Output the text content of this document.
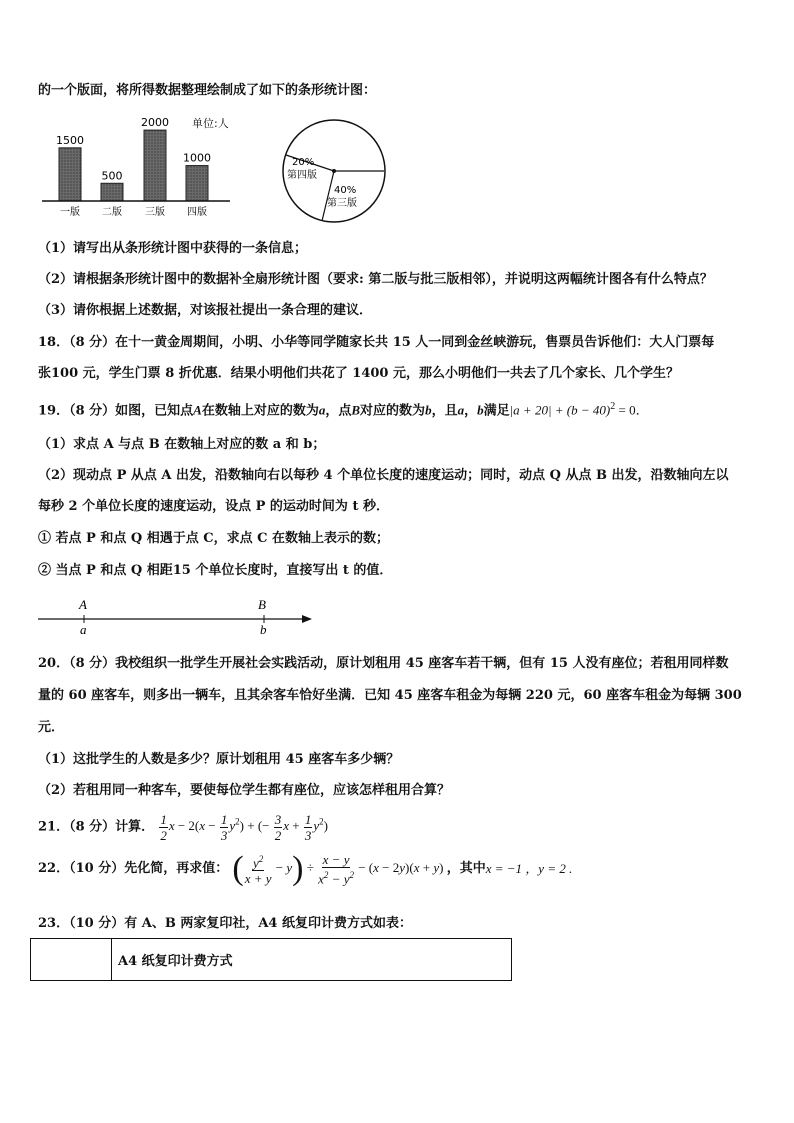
的一个版面，将所得数据整理绘制成了如下的条形统计图：
1500
一版
500
二版
2000
三版
1000
四版
单位:人
20%
第四版
40%
第三版
（1）请写出从条形统计图中获得的一条信息；
（2）请根据条形统计图中的数据补全扇形统计图（要求: 第二版与批三版相邻），并说明这两幅统计图各有什么特点？
（3）请你根据上述数据，对该报社提出一条合理的建议．
18．（8 分）在十一黄金周期间，小明、小华等同学随家长共 15 人一同到金丝峡游玩，售票员告诉他们：大人门票每
张100 元，学生门票 8 折优惠．结果小明他们共花了 1400 元，那么小明他们一共去了几个家长、几个学生？
19．（8 分）如图，已知点A在数轴上对应的数为a，点B对应的数为b，且a，b满足$|a + 20| + (b - 40)^2 = 0$．
（1）求点 A 与点 B 在数轴上对应的数 a 和 b；
（2）现动点 P 从点 A 出发，沿数轴向右以每秒 4 个单位长度的速度运动；同时，动点 Q 从点 B 出发，沿数轴向左以
每秒 2 个单位长度的速度运动，设点 P 的运动时间为 t 秒．
① 若点 P 和点 Q 相遇于点 C，求点 C 在数轴上表示的数；
② 当点 P 和点 Q 相距15 个单位长度时，直接写出 t 的值．
A
a
B
b
20．（8 分）我校组织一批学生开展社会实践活动，原计划租用 45 座客车若干辆，但有 15 人没有座位；若租用同样数
量的 60 座客车，则多出一辆车，且其余客车恰好坐满．已知 45 座客车租金为每辆 220 元，60 座客车租金为每辆 300
元．
（1）这批学生的人数是多少？原计划租用 45 座客车多少辆？
（2）若租用同一种客车，要使每位学生都有座位，应该怎样租用合算？
21．（8 分）计算． $\frac{1}{2}$ $x - 2(x - \frac{1}{3} y^2)$ + (− $\frac{3}{2}$ $x + \frac{1}{3} y^2$)
22．（10 分）先化简，再求值： ( $\frac{y^2}{x + y} - y) \div \frac{x - y}{x^2 - y^2} - (x - 2y)(x + y)$ ，其中x = −1 ，y = 2 .
23．（10 分）有 A、B 两家复印社，A4 纸复印计费方式如表：
	A4 纸复印计费方式
